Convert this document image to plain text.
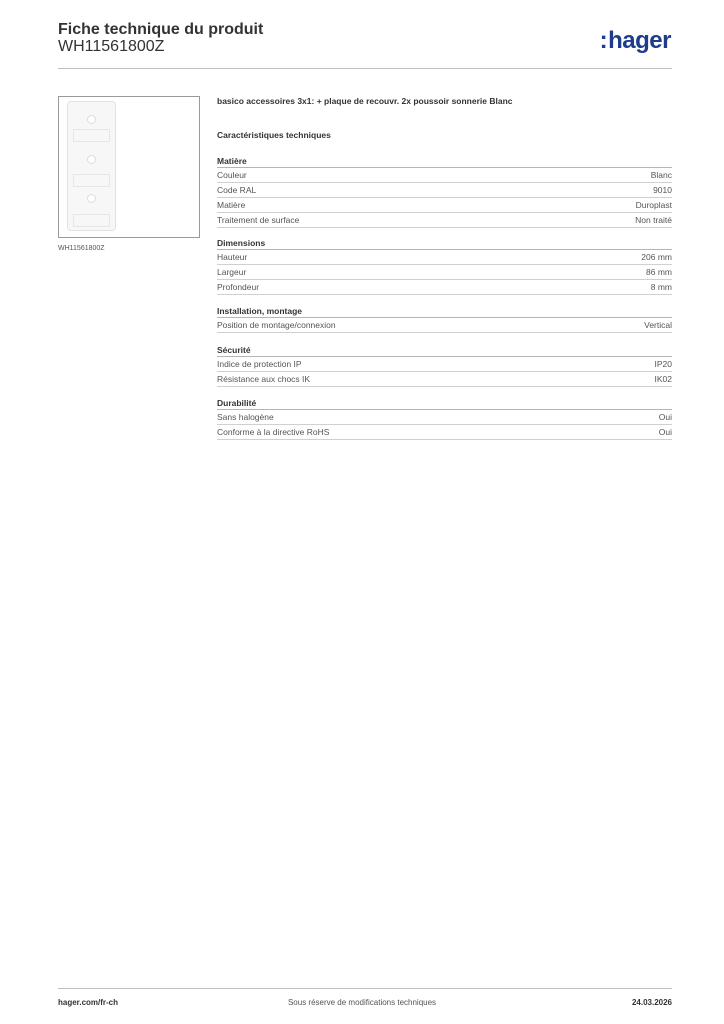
Fiche technique du produit
WH11561800Z	:hager
WH11561800Z
basico accessoires 3x1: + plaque de recouvr. 2x poussoir sonnerie Blanc
Caractéristiques techniques
Matière
Couleur	Blanc
Code RAL	9010
Matière	Duroplast
Traitement de surface	Non traité
Dimensions
Hauteur	206 mm
Largeur	86 mm
Profondeur	8 mm
Installation, montage
Position de montage/connexion	Vertical
Sécurité
Indice de protection IP	IP20
Résistance aux chocs IK	IK02
Durabilité
Sans halogène	Oui
Conforme à la directive RoHS	Oui
hager.com/fr-ch	Sous réserve de modifications techniques	24.03.2026
